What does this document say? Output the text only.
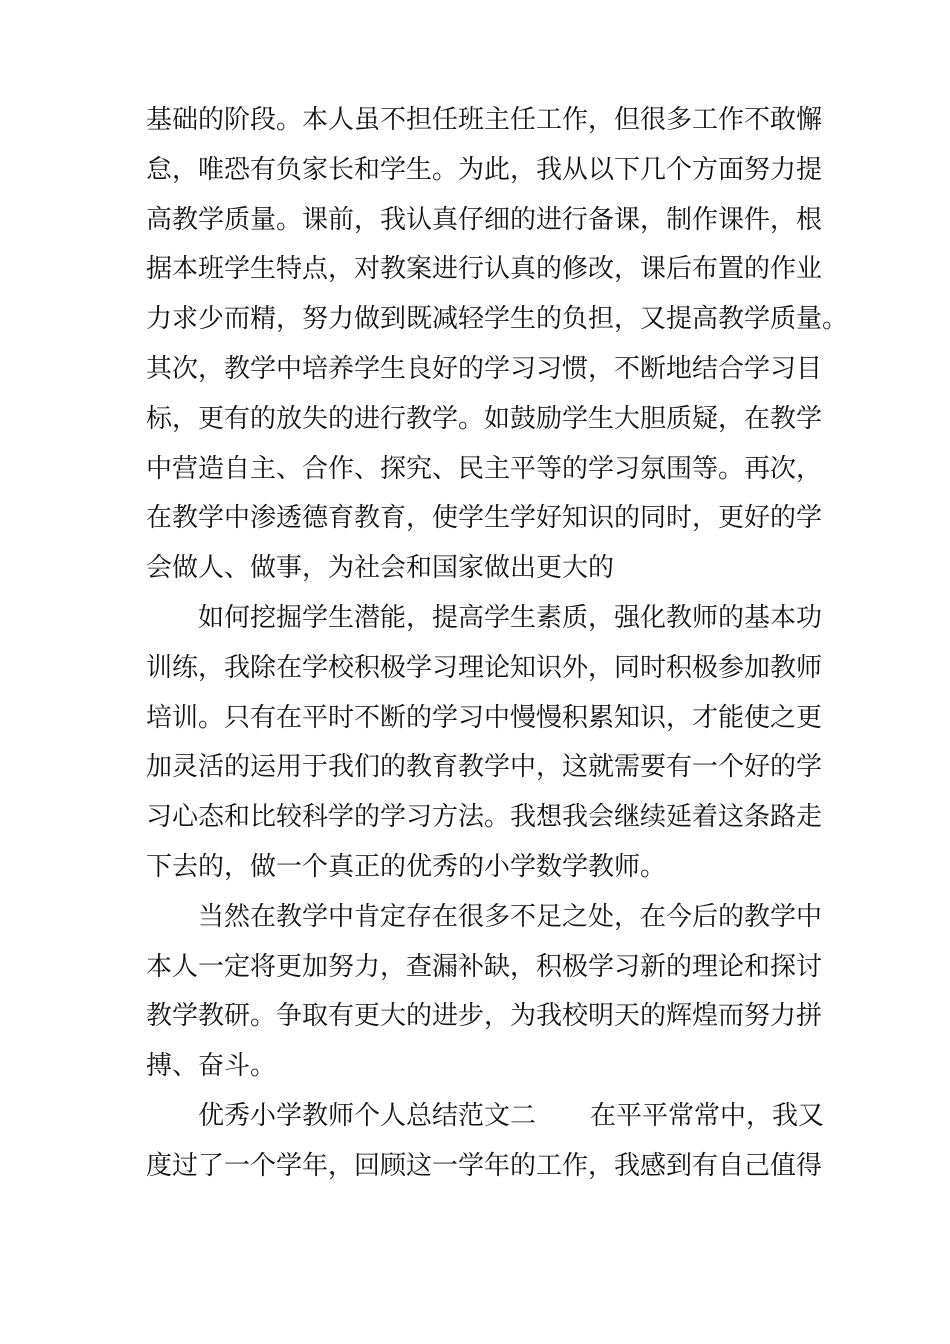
基础的阶段。本人虽不担任班主任工作，但很多工作不敢懈
怠，唯恐有负家长和学生。为此，我从以下几个方面努力提
高教学质量。课前，我认真仔细的进行备课，制作课件，根
据本班学生特点，对教案进行认真的修改，课后布置的作业
力求少而精，努力做到既减轻学生的负担，又提高教学质量。
其次，教学中培养学生良好的学习习惯，不断地结合学习目
标，更有的放失的进行教学。如鼓励学生大胆质疑，在教学
中营造自主、合作、探究、民主平等的学习氛围等。再次，
在教学中渗透德育教育，使学生学好知识的同时，更好的学
会做人、做事，为社会和国家做出更大的
如何挖掘学生潜能，提高学生素质，强化教师的基本功
训练，我除在学校积极学习理论知识外，同时积极参加教师
培训。只有在平时不断的学习中慢慢积累知识，才能使之更
加灵活的运用于我们的教育教学中，这就需要有一个好的学
习心态和比较科学的学习方法。我想我会继续延着这条路走
下去的，做一个真正的优秀的小学数学教师。
当然在教学中肯定存在很多不足之处，在今后的教学中
本人一定将更加努力，查漏补缺，积极学习新的理论和探讨
教学教研。争取有更大的进步，为我校明天的辉煌而努力拼
搏、奋斗。
优秀小学教师个人总结范文二 在平平常常中，我又
度过了一个学年，回顾这一学年的工作，我感到有自己值得
